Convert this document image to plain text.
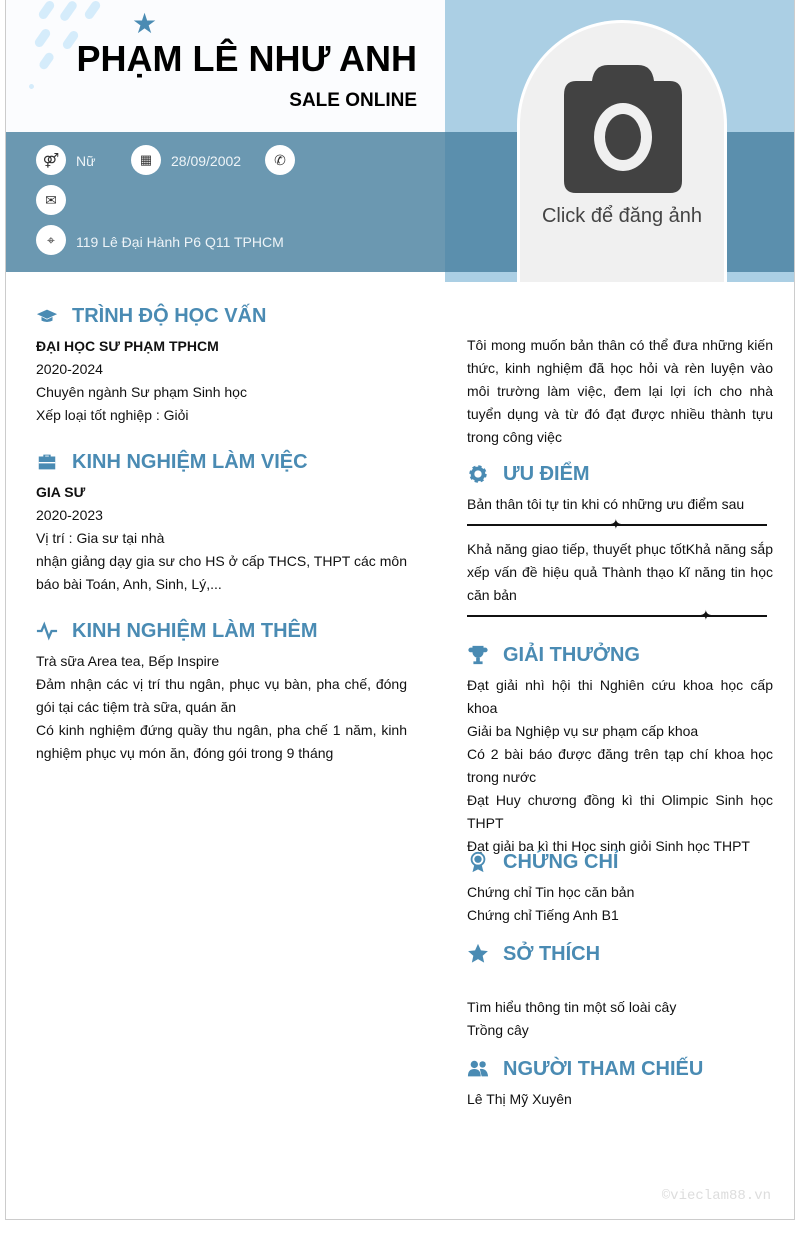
★
PHẠM LÊ NHƯ ANH
SALE ONLINE
⚤ Nữ	▦ 28/09/2002 ✆
✉
⌖ 119 Lê Đại Hành P6 Q11 TPHCM
Click để đăng ảnh
TRÌNH ĐỘ HỌC VẤN
ĐẠI HỌC SƯ PHẠM TPHCM
2020-2024
Chuyên ngành Sư phạm Sinh học
Xếp loại tốt nghiệp : Giỏi
KINH NGHIỆM LÀM VIỆC
GIA SƯ
2020-2023
Vị trí : Gia sư tại nhà
nhận giảng dạy gia sư cho HS ở cấp THCS, THPT các môn báo bài Toán, Anh, Sinh, Lý,...
KINH NGHIỆM LÀM THÊM
Trà sữa Area tea, Bếp Inspire
Đảm nhận các vị trí thu ngân, phục vụ bàn, pha chế, đóng gói tại các tiệm trà sữa, quán ăn
Có kinh nghiệm đứng quầy thu ngân, pha chế 1 năm, kinh nghiệm phục vụ món ăn, đóng gói trong 9 tháng
Tôi mong muốn bản thân có thể đưa những kiến thức, kinh nghiệm đã học hỏi và rèn luyện vào môi trường làm việc, đem lại lợi ích cho nhà tuyển dụng và từ đó đạt được nhiều thành tựu trong công việc
ƯU ĐIỂM
Bản thân tôi tự tin khi có những ưu điểm sau
✦
Khả năng giao tiếp, thuyết phục tốtKhả năng sắp xếp vấn đề hiệu quả Thành thạo kĩ năng tin học căn bản
✦
GIẢI THƯỞNG
Đạt giải nhì hội thi Nghiên cứu khoa học cấp khoa
Giải ba Nghiệp vụ sư phạm cấp khoa
Có 2 bài báo được đăng trên tạp chí khoa học trong nước
Đạt Huy chương đồng kì thi Olimpic Sinh học THPT
Đạt giải ba kì thi Học sinh giỏi Sinh học THPT
CHỨNG CHỈ
Chứng chỉ Tin học căn bản
Chứng chỉ Tiếng Anh B1
SỞ THÍCH
Tìm hiểu thông tin một số loài cây
Trồng cây
NGƯỜI THAM CHIẾU
Lê Thị Mỹ Xuyên
©vieclam88.vn
